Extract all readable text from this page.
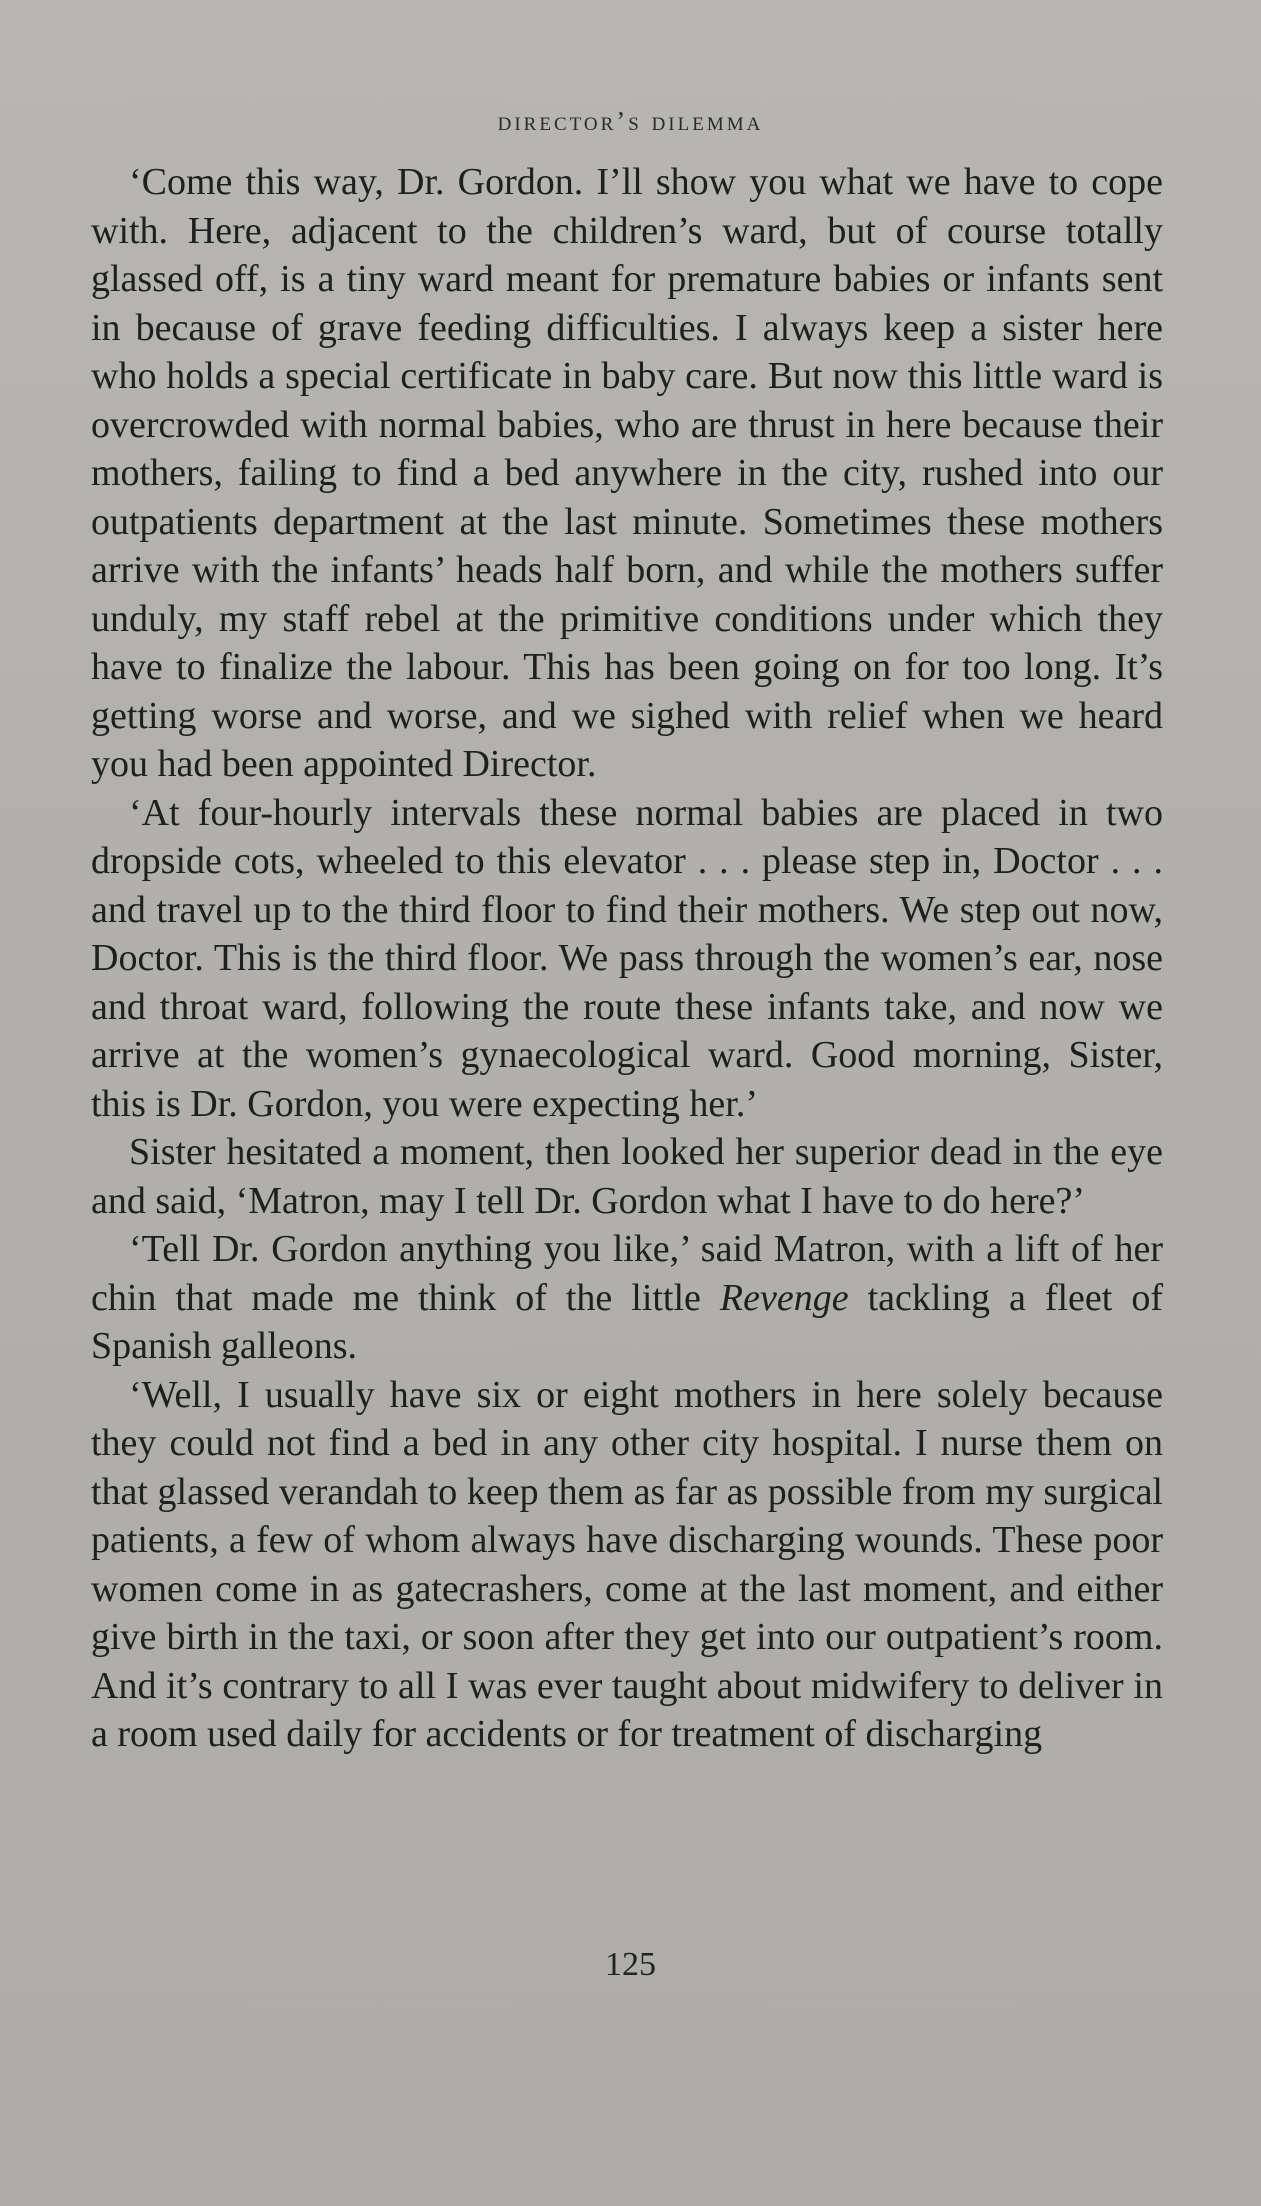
director’s dilemma

‘Come this way, Dr. Gordon. I’ll show you what we have to cope with. Here, adjacent to the children’s ward, but of course totally glassed off, is a tiny ward meant for premature babies or infants sent in because of grave feeding difficulties. I always keep a sister here who holds a special certificate in baby care. But now this little ward is overcrowded with normal babies, who are thrust in here because their mothers, failing to find a bed anywhere in the city, rushed into our outpatients department at the last minute. Sometimes these mothers arrive with the infants’ heads half born, and while the mothers suffer unduly, my staff rebel at the primitive conditions under which they have to finalize the labour. This has been going on for too long. It’s getting worse and worse, and we sighed with relief when we heard you had been appointed Director.

‘At four-hourly intervals these normal babies are placed in two dropside cots, wheeled to this elevator . . . please step in, Doctor . . . and travel up to the third floor to find their mothers. We step out now, Doctor. This is the third floor. We pass through the women’s ear, nose and throat ward, following the route these infants take, and now we arrive at the women’s gynaecological ward. Good morning, Sister, this is Dr. Gordon, you were expecting her.’

Sister hesitated a moment, then looked her superior dead in the eye and said, ‘Matron, may I tell Dr. Gordon what I have to do here?’

‘Tell Dr. Gordon anything you like,’ said Matron, with a lift of her chin that made me think of the little Revenge tackling a fleet of Spanish galleons.

‘Well, I usually have six or eight mothers in here solely because they could not find a bed in any other city hospital. I nurse them on that glassed verandah to keep them as far as possible from my surgical patients, a few of whom always have discharging wounds. These poor women come in as gatecrashers, come at the last moment, and either give birth in the taxi, or soon after they get into our outpatient’s room. And it’s contrary to all I was ever taught about midwifery to deliver in a room used daily for accidents or for treatment of discharging

125
